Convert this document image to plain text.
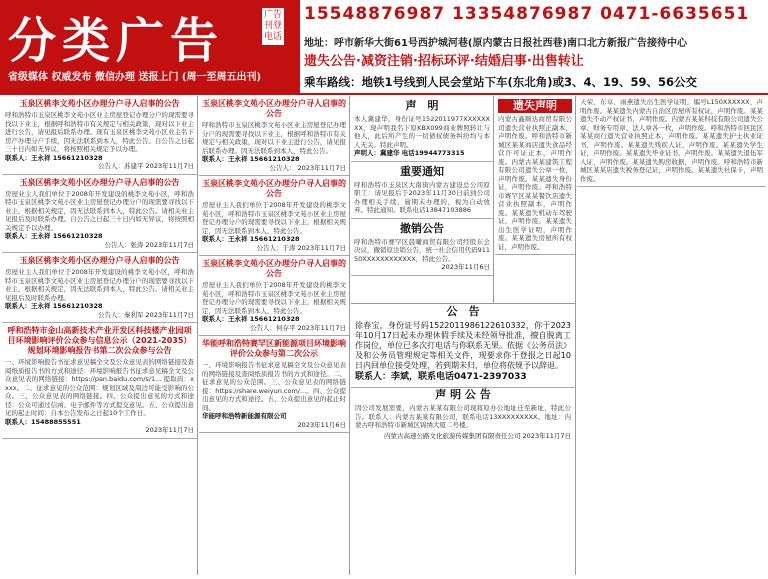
分类广告	广告刊登电话
省级媒体 权威发布 微信办理 送报上门 (周一至周五出刊)
15548876987 13354876987 0471-6635651
地址：呼市新华大街61号西护城河巷(原内蒙古日报社西巷)南口北方新报广告接待中心
遗失公告·减资注销·招标环评·结婚启事·出售转让
乘车路线：地铁1号线到人民会堂站下车(东北角)或3、4、19、59、56公交
玉泉区桃李文苑小区办理分户寻人启事的公告
呼和浩特市玉泉区桃李文苑小区业主房屋登记办理分户的现需要寻找以下业主，根据呼和浩特市有关规定与相关政策，现对以下业主进行公告，请见报后联系办理。现有玉泉区桃李文苑小区业主名下房产办理分户手续，因无法联系到本人，特此公告。自公告之日起三十日内如无异议，将按照相关规定予以办理。
联系人：王永祥 15661210328
公告人：苏建平 2023年11月7日
玉泉区桃李文苑小区办理分户寻人启事的公告
房屋业主人我们单位于2008年开发建设的桃李文苑小区，呼和浩特市玉泉区桃李文苑小区业主房屋登记办理分户的现需要寻找以下业主，根据相关规定，因无法联系到本人，特此公告。请相关业主见报后及时联系办理。自公告之日起三十日内如无异议，将按照相关规定予以办理。
联系人：王永祥 15661210328
公告人：张涛 2023年11月7日
玉泉区桃李文苑小区办理分户寻人启事的公告
房屋业主人我们单位于2008年开发建设的桃李文苑小区，呼和浩特市玉泉区桃李文苑小区业主房屋登记办理分户的现需要寻找以下业主，根据相关规定，因无法联系到本人，特此公告。请相关业主见报后及时联系办理。
联系人：王永祥 15661210328
公告人：秦利军 2023年11月7日
呼和浩特市金山高新技术产业开发区科技楼产业园项目环境影响评价公众参与信息公示（2021-2035）规划环境影响报告书第二次公众参与公告
一、环境影响报告书征求意见稿全文及公众意见表的网络链接及查阅纸质报告书的方式和途径：环境影响报告书征求意见稿全文及公众意见表的网络链接：https://pan.baidu.com/s/1... 提取码：xxxx。二、征求意见的公众范围：规划区域及周边可能受影响的公众。三、公众意见表的网络链接。四、公众提出意见的方式和途径：公众可通过信函、电子邮件等方式提交意见。五、公众提出意见的起止时间：自本公告发布之日起10个工作日。
联系人：15488855551
2023年11月7日
玉泉区桃李文苑小区办理分户寻人启事的公告
呼和浩特市玉泉区桃李文苑小区业主房屋登记办理分户的现需要寻找以下业主，根据呼和浩特市有关规定与相关政策，现对以下业主进行公告，请见报后联系办理。因无法联系到本人，特此公告。
联系人：王永祥 15661210328
公告人： 2023年11月7日
玉泉区桃李文苑小区办理分户寻人启事的公告
房屋业主人我们单位于2008年开发建设的桃李文苑小区，呼和浩特市玉泉区桃李文苑小区业主房屋登记办理分户的现需要寻找以下业主，根据相关规定，因无法联系到本人，特此公告。
联系人：王永祥 15661210328
公告人：于涛 2023年11月7日
玉泉区桃李文苑小区办理分户寻人启事的公告
房屋业主人我们单位于2008年开发建设的桃李文苑小区，呼和浩特市玉泉区桃李文苑小区业主房屋登记办理分户的现需要寻找以下业主，根据相关规定，因无法联系到本人，特此公告。
联系人：王永祥 15661210328
公告人：何存平 2023年11月7日
华能呼和浩特赛罕区新能源项目环境影响评价公众参与第二次公示
一、环境影响报告书征求意见稿全文及公众意见表的网络链接及查阅纸质报告书的方式和途径。二、征求意见的公众范围。三、公众意见表的网络链接：https://share.weiyun.com/...。四、公众提出意见的方式和途径。五、公众提出意见的起止时间。
华能呼和浩特新能源有限公司
2023年11月6日
声　明
本人冀建华，身份证号1522011977XXXXXXXX，现声明我名下原KBX099商业牌照转让与他人，此后所产生的一切债权债务纠纷均与本人无关。特此声明。
声明人：冀建华 电话19944773315
重要通知
呼和浩特市玉泉区大南街内蒙古建设总公司原职工：请见报后于2023年11月30日前到公司办理相关手续，逾期未办理的，视为自动放弃。特此通知。联系电话13847103886
撤销公告
呼和浩特市赛罕区晨曦商贸有限公司经股东会决议，撤销原注销公告，统一社会信用代码91150XXXXXXXXXXXX，特此公告。
2023年11月6日
遗失声明
内蒙古鑫顺达商贸有限公司遗失营业执照正副本，声明作废。呼和浩特市新城区某某商店遗失食品经营许可证正本，声明作废。内蒙古某某建筑工程有限公司遗失公章一枚，声明作废。某某遗失身份证，声明作废。呼和浩特市赛罕区某某餐饮店遗失营业执照副本，声明作废。某某遗失机动车驾驶证，声明作废。某某遗失出生医学证明，声明作废。某某遗失房屋所有权证，声明作废。
天荣、东卓、雨燕遗失出生医学证明，编号L150XXXXXX，声明作废。某某遗失内蒙古自治区房屋所有权证，声明作废。某某遗失不动产权证书，声明作废。内蒙古某某科技有限公司遗失公章、财务专用章、法人章各一枚，声明作废。呼和浩特市回民区某某商行遗失营业执照正本，声明作废。某某遗失护士执业证书，声明作废。某某遗失残疾人证，声明作废。某某遗失学生证，声明作废。某某遗失毕业证书，声明作废。某某遗失退伍军人证，声明作废。某某遗失购房收据，声明作废。呼和浩特市新城区某某店遗失税务登记证，声明作废。某某遗失社保卡，声明作废。
公　告
徐春宝，身份证号码1522011986122610332，你于2023年10月17日起未办理休假手续及未经领导批准，擅自脱离工作岗位，单位已多次打电话与你联系无果。依据《公务员法》及和公务员管理规定等相关文件，现要求你于登报之日起10日内回单位接受处理，若到期未归，单位将依规予以辞退。
联系人：李斌，联系电话0471-2397033
声 明 公 告
因公司发展需要，内蒙古某某有限公司现将原办公地址迁至新址，特此公告。联系人：内蒙古某某有限公司，联系电话13XXXXXXXXX。地址：内蒙古呼和浩特市新城区锦绣大厦二号楼。
内蒙古高速公路文化旅游传媒集团有限责任公司 2023年11月7日
